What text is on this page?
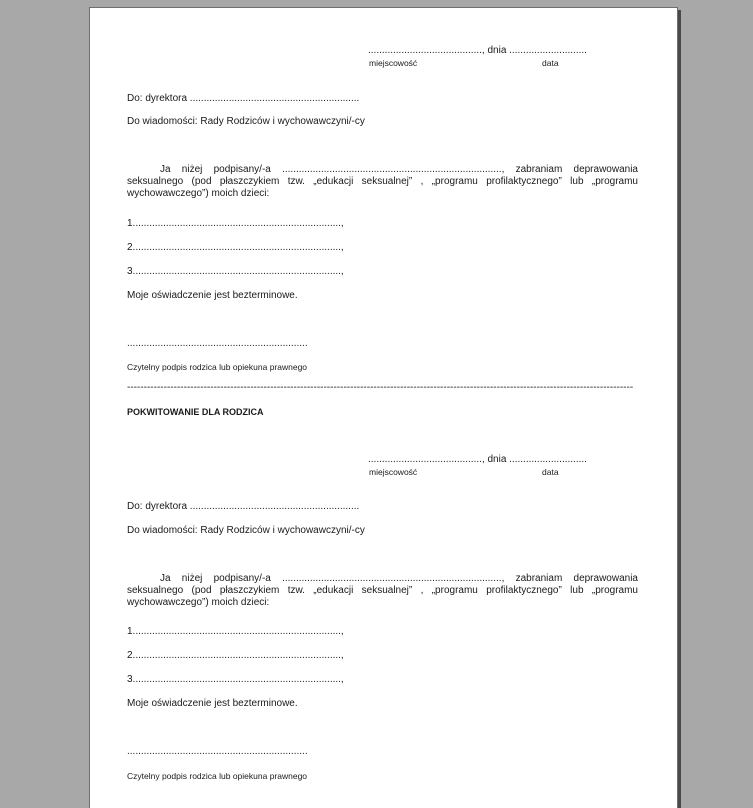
........................................., dnia ............................
miejscowość	data
Do: dyrektora .............................................................
Do wiadomości: Rady Rodziców i wychowawczyni/-cy
Ja niżej podpisany/-a ..............................................................................., zabraniam deprawowania
seksualnego (pod płaszczykiem tzw. „edukacji seksualnej” , „programu profilaktycznego” lub „programu
wychowawczego”) moich dzieci:
1...........................................................................,
2...........................................................................,
3...........................................................................,
Moje oświadczenie jest bezterminowe.
.................................................................
Czytelny podpis rodzica lub opiekuna prawnego
--------------------------------------------------------------------------------------------------------------------------------------------------------
POKWITOWANIE DLA RODZICA
........................................., dnia ............................
miejscowość	data
Do: dyrektora .............................................................
Do wiadomości: Rady Rodziców i wychowawczyni/-cy
Ja niżej podpisany/-a ..............................................................................., zabraniam deprawowania
seksualnego (pod płaszczykiem tzw. „edukacji seksualnej” , „programu profilaktycznego” lub „programu
wychowawczego”) moich dzieci:
1...........................................................................,
2...........................................................................,
3...........................................................................,
Moje oświadczenie jest bezterminowe.
.................................................................
Czytelny podpis rodzica lub opiekuna prawnego
